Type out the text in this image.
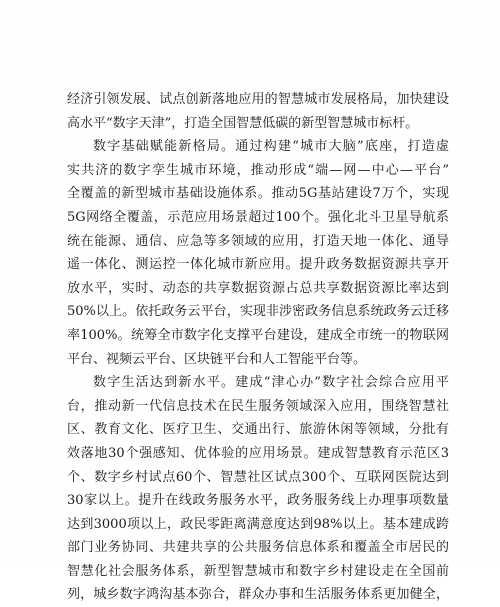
经济引领发展、试点创新落地应用的智慧城市发展格局，加快建设
高水平“数字天津”，打造全国智慧低碳的新型智慧城市标杆。
数字基础赋能新格局。通过构建“城市大脑”底座，打造虚
实共济的数字孪生城市环境，推动形成“端—网—中心—平台”
全覆盖的新型城市基础设施体系。推动5G基站建设7万个，实现
5G网络全覆盖，示范应用场景超过100个。强化北斗卫星导航系
统在能源、通信、应急等多领域的应用，打造天地一体化、通导
遥一体化、测运控一体化城市新应用。提升政务数据资源共享开
放水平，实时、动态的共享数据资源占总共享数据资源比率达到
50%以上。依托政务云平台，实现非涉密政务信息系统政务云迁移
率100%。统筹全市数字化支撑平台建设，建成全市统一的物联网
平台、视频云平台、区块链平台和人工智能平台等。
数字生活达到新水平。建成“津心办”数字社会综合应用平
台，推动新一代信息技术在民生服务领域深入应用，围绕智慧社
区、教育文化、医疗卫生、交通出行、旅游休闲等领域，分批有
效落地30个强感知、优体验的应用场景。建成智慧教育示范区3
个、数字乡村试点60个、智慧社区试点300个、互联网医院达到
30家以上。提升在线政务服务水平，政务服务线上办理事项数量
达到3000项以上，政民零距离满意度达到98%以上。基本建成跨
部门业务协同、共建共享的公共服务信息体系和覆盖全市居民的
智慧化社会服务体系，新型智慧城市和数字乡村建设走在全国前
列，城乡数字鸿沟基本弥合，群众办事和生活服务体系更加健全，
